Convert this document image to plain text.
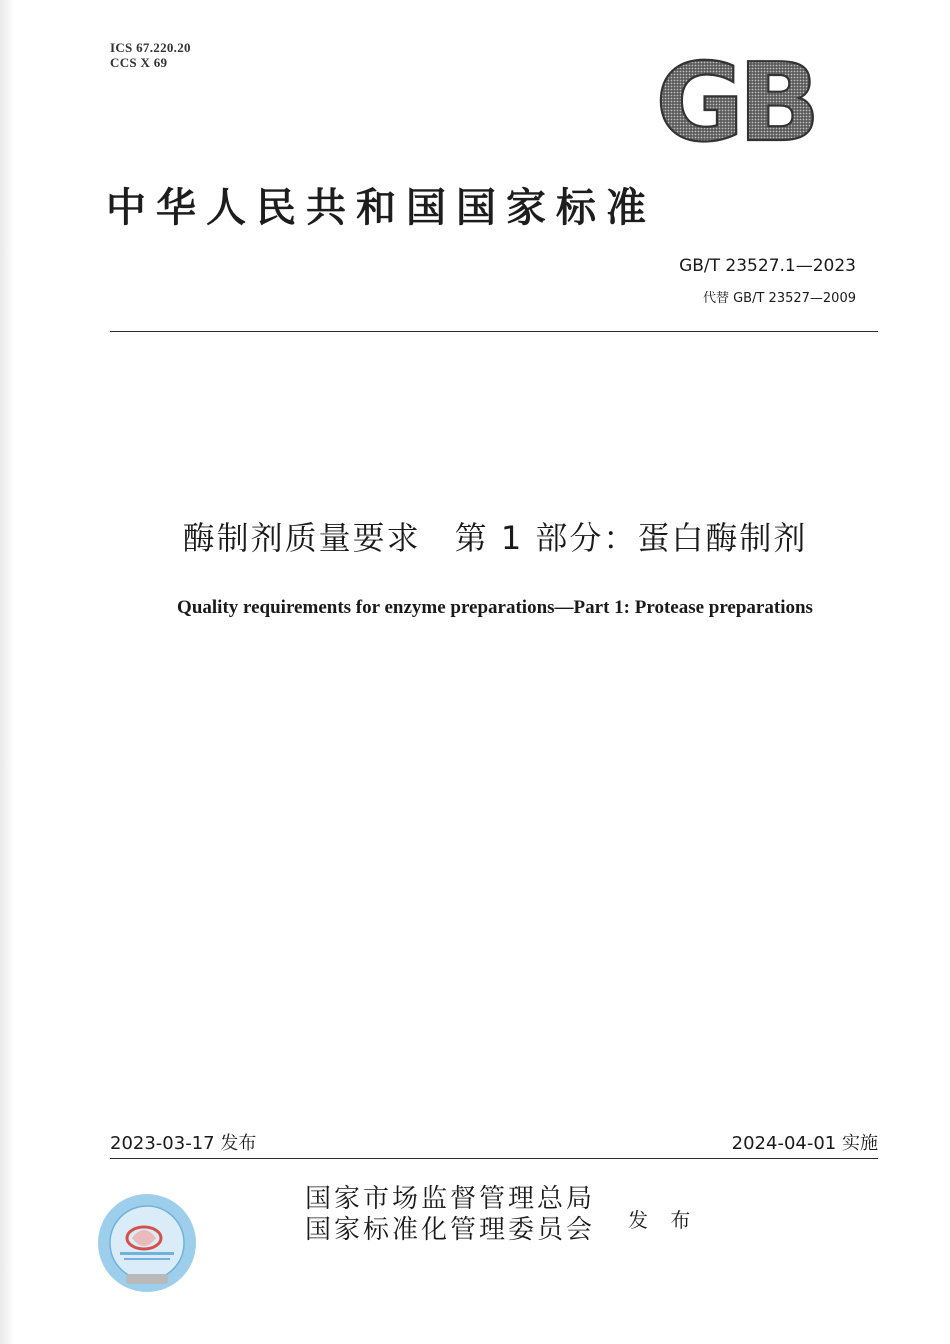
ICS 67.220.20
CCS X 69	GB
中华人民共和国国家标准
GB/T 23527.1—2023
代替 GB/T 23527—2009
酶制剂质量要求　第 1 部分：蛋白酶制剂
Quality requirements for enzyme preparations—Part 1: Protease preparations
2023-03-17 发布	2024-04-01 实施
国家市场监督管理总局
国家标准化管理委员会 发 布
